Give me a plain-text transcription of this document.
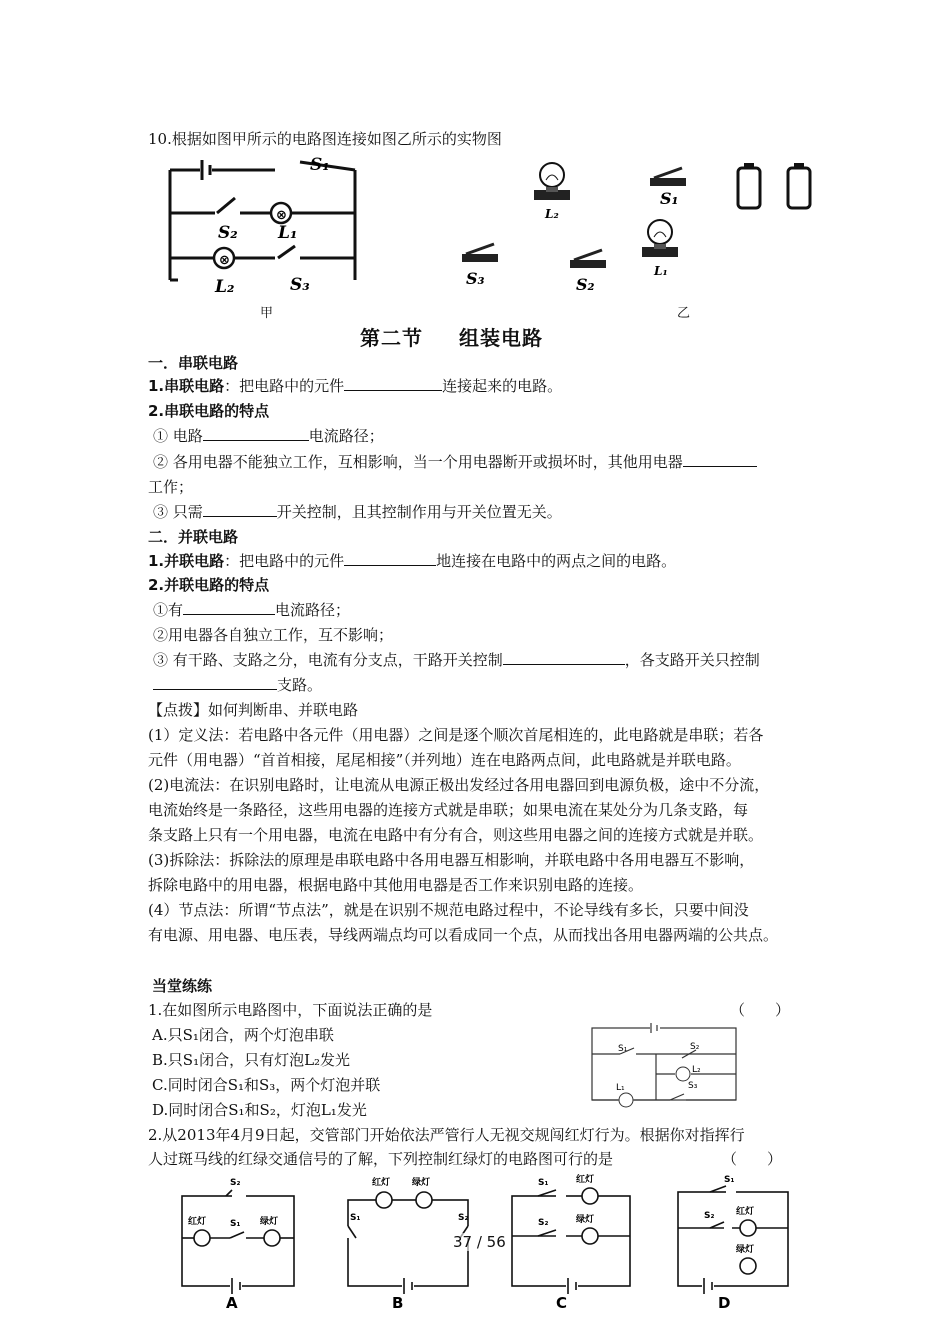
10.根据如图甲所示的电路图连接如图乙所示的实物图
⊗
⊗
S₁
S₂ L₁
L₂	S₃
L₂
S₁
L₁
S₃	S₂
甲	乙
第二节 组装电路
一．串联电路
1.串联电路：把电路中的元件	连接起来的电路。
2.串联电路的特点
① 电路	电流路径；
② 各用电器不能独立工作，互相影响，当一个用电器断开或损坏时，其他用电器
工作；
③ 只需	开关控制，且其控制作用与开关位置无关。
二．并联电路
1.并联电路：把电路中的元件	地连接在电路中的两点之间的电路。
2.并联电路的特点
①有	电流路径；
②用电器各自独立工作，互不影响；
③ 有干路、支路之分，电流有分支点，干路开关控制	，各支路开关只控制
支路。
【点拨】如何判断串、并联电路
(1）定义法：若电路中各元件（用电器）之间是逐个顺次首尾相连的，此电路就是串联；若各
元件（用电器）“首首相接，尾尾相接”（并列地）连在电路两点间，此电路就是并联电路。
(2)电流法：在识别电路时，让电流从电源正极出发经过各用电器回到电源负极，途中不分流，
电流始终是一条路径，这些用电器的连接方式就是串联；如果电流在某处分为几条支路，每
条支路上只有一个用电器，电流在电路中有分有合，则这些用电器之间的连接方式就是并联。
(3)拆除法：拆除法的原理是串联电路中各用电器互相影响，并联电路中各用电器互不影响，
拆除电路中的用电器，根据电路中其他用电器是否工作来识别电路的连接。
(4）节点法：所谓“节点法”，就是在识别不规范电路过程中，不论导线有多长，只要中间没
有电源、用电器、电压表，导线两端点均可以看成同一个点，从而找出各用电器两端的公共点。
当堂练练
1.在如图所示电路图中，下面说法正确的是	（　　）
A.只S₁闭合，两个灯泡串联
B.只S₁闭合，只有灯泡L₂发光
C.同时闭合S₁和S₃，两个灯泡并联
D.同时闭合S₁和S₂，灯泡L₁发光
S₁	S₂
L₁
L₂
S₃
2.从2013年4月9日起，交管部门开始依法严管行人无视交规闯红灯行为。根据你对指挥行
人过斑马线的红绿交通信号的了解，下列控制红绿灯的电路图可行的是	（　　）
S₂
红灯	S₁ 绿灯
红灯 绿灯
S₁	S₂
S₁	红灯
S₂	绿灯
S₁
S₂ 红灯
绿灯
A	B	C	D
37 / 56
